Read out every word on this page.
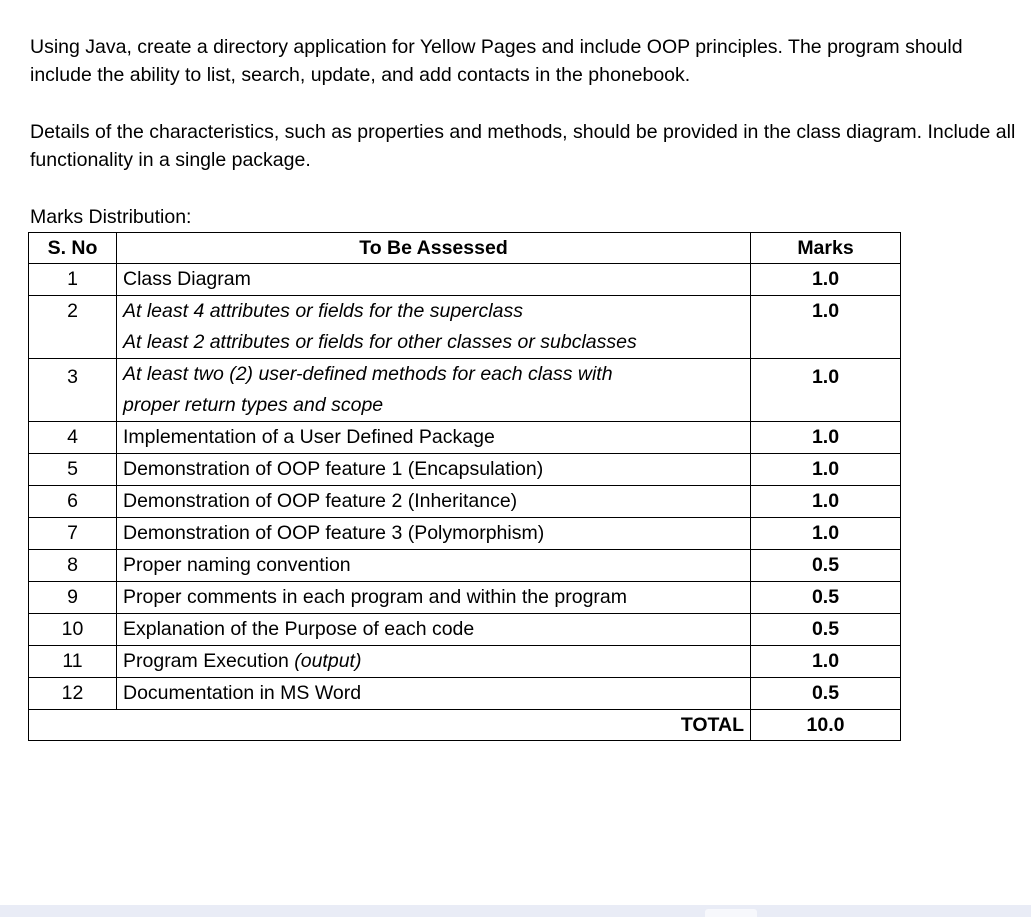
Using Java, create a directory application for Yellow Pages and include OOP principles. The program should include the ability to list, search, update, and add contacts in the phonebook.

Details of the characteristics, such as properties and methods, should be provided in the class diagram. Include all functionality in a single package.

Marks Distribution:

S. No	To Be Assessed	Marks
1	Class Diagram	1.0
2	At least 4 attributes or fields for the superclass
At least 2 attributes or fields for other classes or subclasses	1.0
3	At least two (2) user-defined methods for each class with
proper return types and scope	1.0
4	Implementation of a User Defined Package	1.0
5	Demonstration of OOP feature 1 (Encapsulation)	1.0
6	Demonstration of OOP feature 2 (Inheritance)	1.0
7	Demonstration of OOP feature 3 (Polymorphism)	1.0
8	Proper naming convention	0.5
9	Proper comments in each program and within the program	0.5
10	Explanation of the Purpose of each code	0.5
11	Program Execution (output)	1.0
12	Documentation in MS Word	0.5
TOTAL		10.0
